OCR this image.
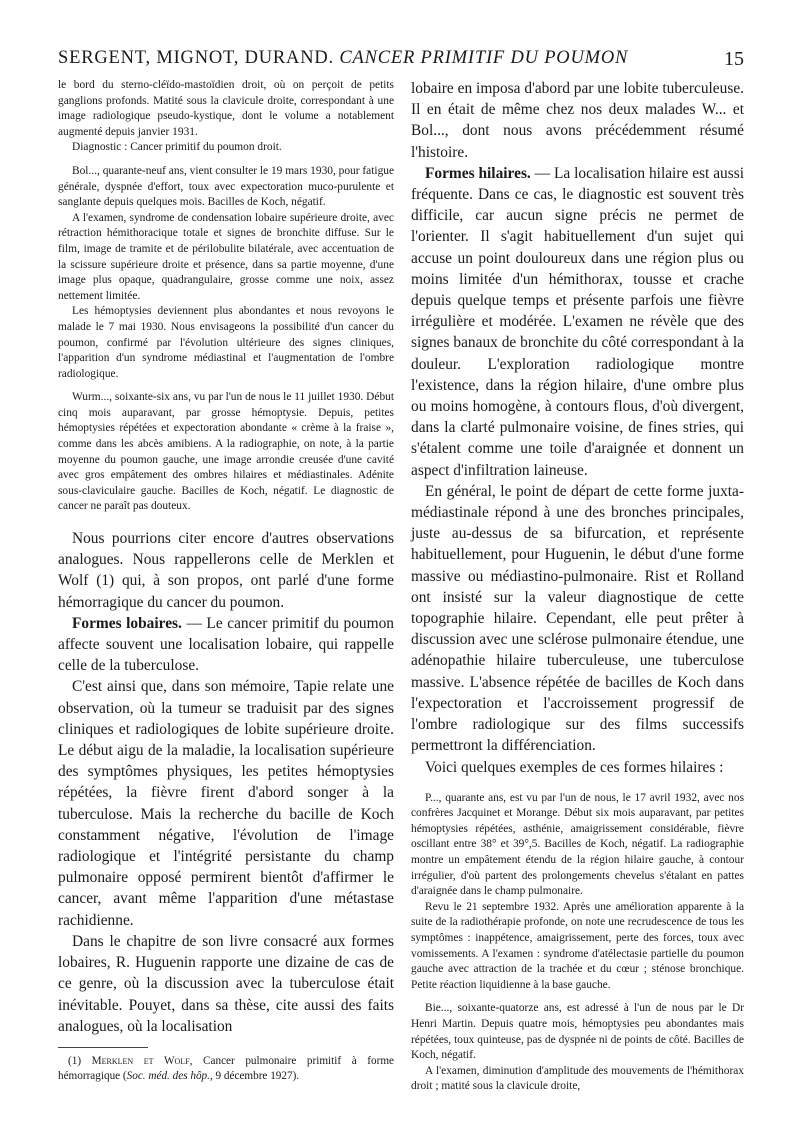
SERGENT, MIGNOT, DURAND. CANCER PRIMITIF DU POUMON	15

le bord du sterno-cléïdo-mastoïdien droit, où on perçoit de petits ganglions profonds. Matité sous la clavicule droite, correspondant à une image radiologique pseudo-kystique, dont le volume a notablement augmenté depuis janvier 1931.

Diagnostic : Cancer primitif du poumon droit.

Bol..., quarante-neuf ans, vient consulter le 19 mars 1930, pour fatigue générale, dyspnée d'effort, toux avec expectoration muco-purulente et sanglante depuis quelques mois. Bacilles de Koch, négatif.

A l'examen, syndrome de condensation lobaire supérieure droite, avec rétraction hémithoracique totale et signes de bronchite diffuse. Sur le film, image de tramite et de périlobulite bilatérale, avec accentuation de la scissure supérieure droite et présence, dans sa partie moyenne, d'une image plus opaque, quadrangulaire, grosse comme une noix, assez nettement limitée.

Les hémoptysies deviennent plus abondantes et nous revoyons le malade le 7 mai 1930. Nous envisageons la possibilité d'un cancer du poumon, confirmé par l'évolution ultérieure des signes cliniques, l'apparition d'un syndrome médiastinal et l'augmentation de l'ombre radiologique.

Wurm..., soixante-six ans, vu par l'un de nous le 11 juillet 1930. Début cinq mois auparavant, par grosse hémoptysie. Depuis, petites hémoptysies répétées et expectoration abondante « crème à la fraise », comme dans les abcès amibiens. A la radiographie, on note, à la partie moyenne du poumon gauche, une image arrondie creusée d'une cavité avec gros empâtement des ombres hilaires et médiastinales. Adénite sous-claviculaire gauche. Bacilles de Koch, négatif. Le diagnostic de cancer ne paraît pas douteux.

Nous pourrions citer encore d'autres observations analogues. Nous rappellerons celle de Merklen et Wolf (1) qui, à son propos, ont parlé d'une forme hémorragique du cancer du poumon.

Formes lobaires. — Le cancer primitif du poumon affecte souvent une localisation lobaire, qui rappelle celle de la tuberculose.

C'est ainsi que, dans son mémoire, Tapie relate une observation, où la tumeur se traduisit par des signes cliniques et radiologiques de lobite supérieure droite. Le début aigu de la maladie, la localisation supérieure des symptômes physiques, les petites hémoptysies répétées, la fièvre firent d'abord songer à la tuberculose. Mais la recherche du bacille de Koch constamment négative, l'évolution de l'image radiologique et l'intégrité persistante du champ pulmonaire opposé permirent bientôt d'affirmer le cancer, avant même l'apparition d'une métastase rachidienne.

Dans le chapitre de son livre consacré aux formes lobaires, R. Huguenin rapporte une dizaine de cas de ce genre, où la discussion avec la tuberculose était inévitable. Pouyet, dans sa thèse, cite aussi des faits analogues, où la localisation

(1) Merklen et Wolf, Cancer pulmonaire primitif à forme hémorragique (Soc. méd. des hôp., 9 décembre 1927).

lobaire en imposa d'abord par une lobite tuberculeuse. Il en était de même chez nos deux malades W... et Bol..., dont nous avons précédemment résumé l'histoire.

Formes hilaires. — La localisation hilaire est aussi fréquente. Dans ce cas, le diagnostic est souvent très difficile, car aucun signe précis ne permet de l'orienter. Il s'agit habituellement d'un sujet qui accuse un point douloureux dans une région plus ou moins limitée d'un hémithorax, tousse et crache depuis quelque temps et présente parfois une fièvre irrégulière et modérée. L'examen ne révèle que des signes banaux de bronchite du côté correspondant à la douleur. L'exploration radiologique montre l'existence, dans la région hilaire, d'une ombre plus ou moins homogène, à contours flous, d'où divergent, dans la clarté pulmonaire voisine, de fines stries, qui s'étalent comme une toile d'araignée et donnent un aspect d'infiltration laineuse.

En général, le point de départ de cette forme juxta-médiastinale répond à une des bronches principales, juste au-dessus de sa bifurcation, et représente habituellement, pour Huguenin, le début d'une forme massive ou médiastino-pulmonaire. Rist et Rolland ont insisté sur la valeur diagnostique de cette topographie hilaire. Cependant, elle peut prêter à discussion avec une sclérose pulmonaire étendue, une adénopathie hilaire tuberculeuse, une tuberculose massive. L'absence répétée de bacilles de Koch dans l'expectoration et l'accroissement progressif de l'ombre radiologique sur des films successifs permettront la différenciation.

Voici quelques exemples de ces formes hilaires :

P..., quarante ans, est vu par l'un de nous, le 17 avril 1932, avec nos confrères Jacquinet et Morange. Début six mois auparavant, par petites hémoptysies répétées, asthénie, amaigrissement considérable, fièvre oscillant entre 38° et 39°,5. Bacilles de Koch, négatif. La radiographie montre un empâtement étendu de la région hilaire gauche, à contour irrégulier, d'où partent des prolongements chevelus s'étalant en pattes d'araignée dans le champ pulmonaire.

Revu le 21 septembre 1932. Après une amélioration apparente à la suite de la radiothérapie profonde, on note une recrudescence de tous les symptômes : inappétence, amaigrissement, perte des forces, toux avec vomissements. A l'examen : syndrome d'atélectasie partielle du poumon gauche avec attraction de la trachée et du cœur ; sténose bronchique. Petite réaction liquidienne à la base gauche.

Bie..., soixante-quatorze ans, est adressé à l'un de nous par le Dr Henri Martin. Depuis quatre mois, hémoptysies peu abondantes mais répétées, toux quinteuse, pas de dyspnée ni de points de côté. Bacilles de Koch, négatif.

A l'examen, diminution d'amplitude des mouvements de l'hémithorax droit ; matité sous la clavicule droite,
